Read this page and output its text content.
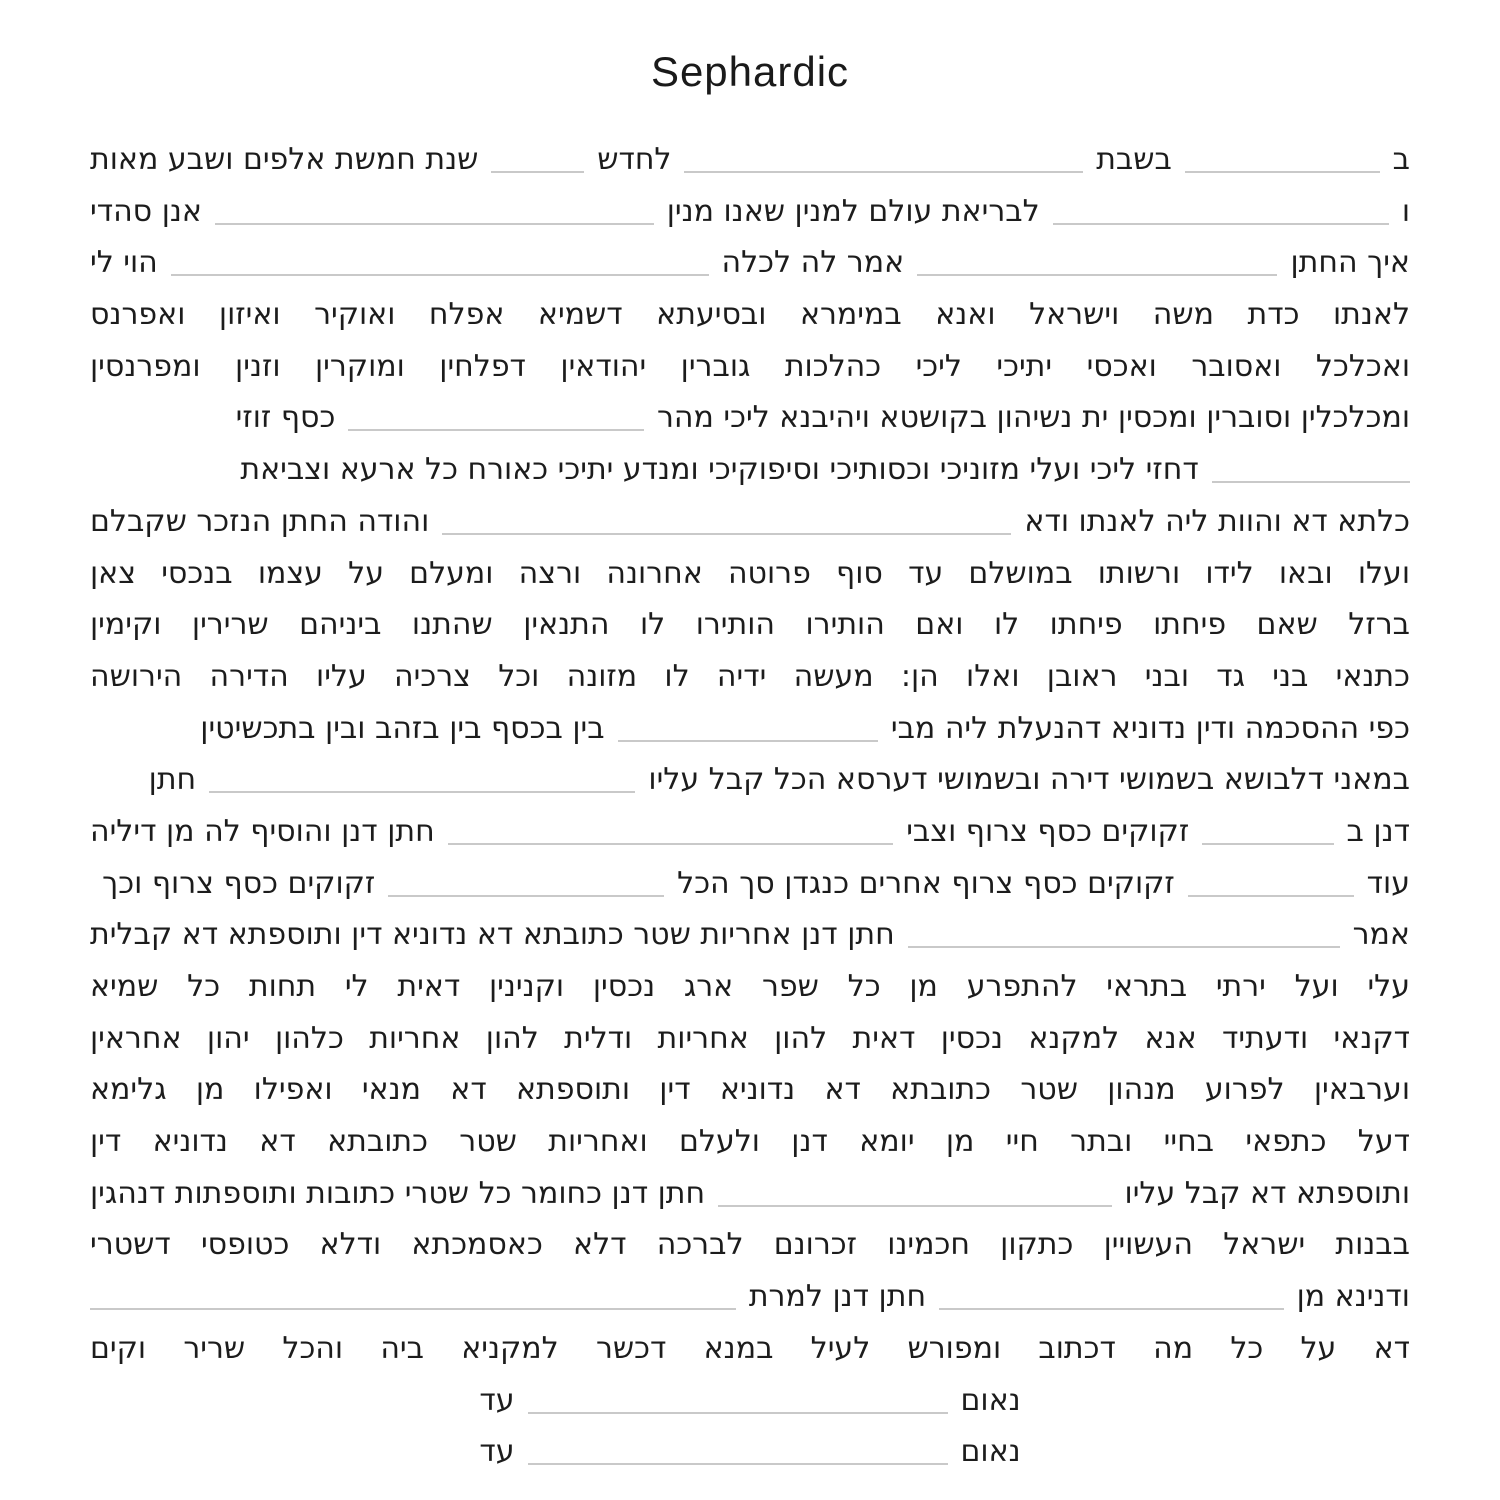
Sephardic
ב
בשבת
לחדש
שנת חמשת אלפים ושבע מאות
ו
לבריאת עולם למנין שאנו מנין
אנן סהדי
איך החתן
אמר לה לכלה
הוי לי
לאנתו כדת משה וישראל ואנא במימרא ובסיעתא דשמיא אפלח ואוקיר ואיזון ואפרנס
ואכלכל ואסובר ואכסי יתיכי ליכי כהלכות גוברין יהודאין דפלחין ומוקרין וזנין ומפרנסין
ומכלכלין וסוברין ומכסין ית נשיהון בקושטא ויהיבנא ליכי מהר
כסף זוזי
דחזי ליכי ועלי מזוניכי וכסותיכי וסיפוקיכי ומנדע יתיכי כאורח כל ארעא וצביאת
כלתא דא והוות ליה לאנתו ודא
והודה החתן הנזכר שקבלם
ועלו ובאו לידו ורשותו במושלם עד סוף פרוטה אחרונה ורצה ומעלם על עצמו בנכסי צאן
ברזל שאם פיחתו פיחתו לו ואם הותירו הותירו לו התנאין שהתנו ביניהם שרירין וקימין
כתנאי בני גד ובני ראובן ואלו הן: מעשה ידיה לו מזונה וכל צרכיה עליו הדירה הירושה
כפי ההסכמה ודין נדוניא דהנעלת ליה מבי
בין בכסף בין בזהב ובין בתכשיטין
במאני דלבושא בשמושי דירה ובשמושי דערסא הכל קבל עליו
חתן
דנן ב
זקוקים כסף צרוף וצבי
חתן דנן והוסיף לה מן דיליה
עוד
זקוקים כסף צרוף אחרים כנגדן סך הכל
זקוקים כסף צרוף וכך
אמר
חתן דנן אחריות שטר כתובתא דא נדוניא דין ותוספתא דא קבלית
עלי ועל ירתי בתראי להתפרע מן כל שפר ארג נכסין וקנינין דאית לי תחות כל שמיא
דקנאי ודעתיד אנא למקנא נכסין דאית להון אחריות ודלית להון אחריות כלהון יהון אחראין
וערבאין לפרוע מנהון שטר כתובתא דא נדוניא דין ותוספתא דא מנאי ואפילו מן גלימא
דעל כתפאי בחיי ובתר חיי מן יומא דנן ולעלם ואחריות שטר כתובתא דא נדוניא דין
ותוספתא דא קבל עליו
חתן דנן כחומר כל שטרי כתובות ותוספתות דנהגין
בבנות ישראל העשויין כתקון חכמינו זכרונם לברכה דלא כאסמכתא ודלא כטופסי דשטרי
ודנינא מן
חתן דנן למרת
דא על כל מה דכתוב ומפורש לעיל במנא דכשר למקניא ביה והכל שריר וקים
נאום
עד
נאום
עד
